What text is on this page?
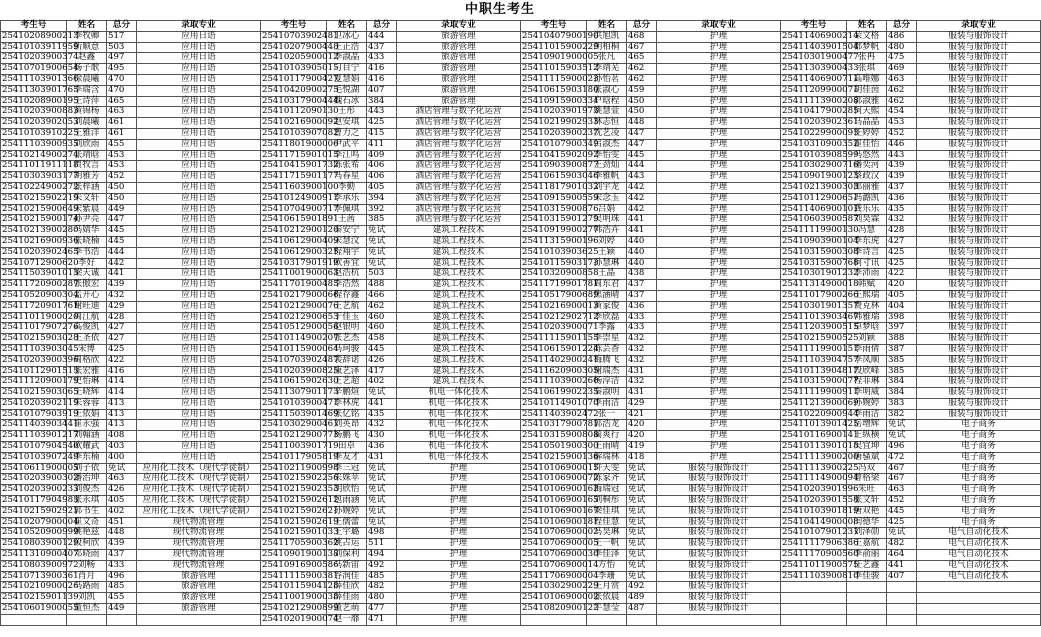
中职生考生
考生号	姓名	总分	录取专业	考生号	姓名	总分	录取专业	考生号	姓名	总分	录取专业	考生号	姓名	总分	录取专业
25410208900213	李牧卿	517	应用日语	25410703902481	卫冰心	444	旅游管理	25410407900190	洪旭凯	468	护理	25411406900214	荣文格	486	服装与服饰设计
25410103911959	靳顺意	503	应用日语	25410207900448	王正浩	437	旅游管理	25411015900229	胡相桐	467	护理	25411403901504	都梦帆	480	服装与服饰设计
25410203900374	赵鑫	497	应用日语	25410205900012	李淑晶	433	旅游管理	25410901900005	张凡	465	护理	25410301900477	张冉	475	服装与服饰设计
25410701900654	杨子歌	495	应用日语	25410103905015	刁目宁	416	旅游管理	25411015903512	李靖芜	462	护理	25411303900433	张琪	469	服装与服饰设计
25411103901366	徐晨曦	470	应用日语	25410117900427	夏慧娟	416	旅游管理	25411115900023	孙怡茗	462	护理	25411406900711	高唯娜	463	服装与服饰设计
25411303901765	李瑞含	470	应用日语	25410420900275	毛悦湖	407	旅游管理	25410615903180	张淑心	459	护理	25411209900071	胡佳茵	462	服装与服饰设计
25410208900195	王诗萍	465	应用日语	25410317900444	魏石冰	384	旅游管理	25410915900334	户晗程	450	护理	25411113900208	郭淑雅	462	服装与服饰设计
25410203900883	黄锦杨	463	应用日语	25410112090130	王彤	443	酒店管理与数字化运营	25410203901973	姚慧萱	450	护理	25410417900285	何天熙	454	服装与服饰设计
25410203902053	刘晨曦	461	应用日语	25410216900092	赵安琪	425	酒店管理与数字化运营	25410219902933	林志恒	448	护理	25410203902361	马晶晶	453	服装与服饰设计
25410103910225	王雅洋	461	应用日语	25410103907082	曹力之	415	酒店管理与数字化运营	25410203900237	沈艺凌	447	护理	25410229900093	任婷婷	452	服装与服饰设计
25411103900935	刘欣雨	455	应用日语	25411801900006	尹武平	411	酒店管理与数字化运营	25410107900349	吕淑杰	447	护理	25410310900352	崔佳怡	446	服装与服饰设计
25410214900274	张靖晗	453	应用日语	25411715901015	李江鸣	409	酒店管理与数字化运营	25410415902092	李怡雯	445	护理	25410103908599	马悠然	443	服装与服饰设计
25411011911118	贾牧言	453	应用日语	25410415901732	陈张希	406	酒店管理与数字化运营	25410903900877	王劲灿	444	护理	25410302900716	潘奕河	439	服装与服饰设计
25410303903177	胡雅芳	452	应用日语	25411715901177	马春星	406	酒店管理与数字化运营	25410615903046	李雅帆	443	护理	25410901900123	蔡政汉	439	服装与服饰设计
25410224900272	张梓涵	450	应用日语	25411603900100	李勤	405	酒店管理与数字化运营	25411817901032	刘宇龙	442	护理	25410213900303	郎丽雅	437	服装与服饰设计
25410215902219	朱文轩	450	应用日语	25410124900911	李承乐	394	酒店管理与数字化运营	25410915900559	宋念玉	442	护理	25410112900651	冯潞凯	436	服装与服饰设计
25410215900649	宋紫晨	449	应用日语	25410704900717	李佩琪	392	酒店管理与数字化运营	25410315900876	吕娟	442	护理	25411406900101	龚乐乐	435	服装与服饰设计
25410215900174	孙尹亮	447	应用日语	25410615901891	王茜	385	酒店管理与数字化运营	25410315901279	吴明珠	441	护理	25410603900587	刘昊霖	432	服装与服饰设计
25410213900280	马婧华	445	应用日语	25410212900120	秦安宁	免试	建筑工程技术	25410919900277	韩浩卉	441	护理	25411119900130	冯慧	428	服装与服饰设计
25410216900936	张晓楠	445	应用日语	25410612900409	宋慧汶	免试	建筑工程技术	25411315900196	刘婷	440	护理	25410903900104	李东虎	427	服装与服饰设计
25410203902465	李书浩	444	应用日语	25410612900325	程翔宇	免试	建筑工程技术	25410103903625	王颖	440	护理	25410315900308	李诗言	425	服装与服饰设计
25410712900620	李好	442	应用日语	25410317901919	欧善宜	免试	建筑工程技术	25410115903173	孙慧琳	440	护理	25410315900768	何寸讯	425	服装与服饰设计
25411503901013	梁天诚	441	应用日语	25411001900063	赵浩杭	503	建筑工程技术	25410320900858	王晶	438	护理	25410301901232	李沛雨	422	服装与服饰设计
25411720900287	张傲宏	439	应用日语	25411701900485	李浩然	488	建筑工程技术	25411719901781	周东君	437	护理	25411314900018	韩赋	420	服装与服饰设计
25410520900304	孟开心	432	应用日语	25410217900066	程存鑫	466	建筑工程技术	25410517900689	焦涵晴	437	护理	25411017900266	王熙瑞	405	服装与服饰设计
25411720901761	谢旺迪	429	应用日语	25410212900076	王艺航	462	建筑工程技术	25410216900013	黄家俊	436	护理	25410301901357	费克林	404	服装与服饰设计
25411011900020	周江航	428	应用日语	25410212900653	于佳玉	460	建筑工程技术	25410212902712	李欣磊	433	护理	25411013903467	韩雅瑞	398	服装与服饰设计
25411017907276	高俊凯	427	应用日语	25410512900056	赵银明	460	建筑工程技术	25410203900071	李露	433	护理	25411203900515	卓梦晗	397	服装与服饰设计
25410215903028	王圣依	427	应用日语	25410114900207	张艺杰	458	建筑工程技术	25411115901155	李崇星	432	护理	25410215900525	刘颖	388	服装与服饰设计
25411103903045	宋博	425	应用日语	25410115900064	马珂骏	445	建筑工程技术	25410615901224	陈芸香	432	护理	25411119900151	李雨倩	387	服装与服饰设计
25410203900396	周格欣	422	应用日语	25410703902487	裴辞诺	426	建筑工程技术	25411402900241	梅腾飞	432	护理	25411103904757	李凤顺	385	服装与服饰设计
25410112901513	张宏雅	416	应用日语	25410203900825	康艺泽	417	建筑工程技术	25411620900305	谢瑞杰	431	护理	25410113904817	段欣峰	385	服装与服饰设计
25411120900179	史怡琳	414	应用日语	25410615902630	王艺超	402	建筑工程技术	25411103900260	杨淳洁	432	护理	25410315900077	程菲琳	384	服装与服饰设计
25410215903065	王晓辉	414	应用日语	25411307901173	辛鹏煊	免试	机电一体化技术	25410619902235	秦淑明	431	护理	25411119900911	李明威	384	服装与服饰设计
25410203902119	朱蓉蓉	413	应用日语	25410103900471	李林虎	441	机电一体化技术	25410114901070	李雨洁	429	护理	25411213900069	孙婉婷	383	服装与服饰设计
25410107903919	王依娟	413	应用日语	25411503901469	张亿铭	435	机电一体化技术	25411403902472	张一	421	护理	25410220900944	李雨洁	382	服装与服饰设计
25411403903441	崔永强	413	应用日语	25410302900461	刘英昂	432	机电一体化技术	25410317900781	郭浩龙	420	护理	25411013901425	岳增辉	免试	电子商务
25411103901217	刘翰涵	408	应用日语	25410212900773	杨鹏飞	430	机电一体化技术	25410315900808	蔺爽行	420	护理	25410116900141	王纵横	免试	电子商务
25410107904540	欧耀武	403	应用日语	25411003901719	田卓	436	机电一体化技术	25410501900300	王雨晴	419	护理	25410113901018	吴宜坤	496	电子商务
25410103907249	李东楠	400	应用日语	25410117905819	李友才	431	机电一体化技术	25410215900136	解瑞林	418	护理	25411113900200	唐骚斌	472	电子商务
25410611900005	刘子依	免试	应用化工技术（现代学徒制）	25410211900998	李三冠	免试	护理	25410106900015	许天雯	免试	服装与服饰设计	25411113900225	冯双	467	电子商务
25410203900302	潘治坤	463	应用化工技术（现代学徒制）	25410215902256	朱姝苹	免试	护理	25410106900072	陈家齐	免试	服装与服饰设计	25411114900094	曾格梁	467	电子商务
25410203900233	刘俊杰	426	应用化工技术（现代学徒制）	25410215902353	胡欣怡	免试	护理	25410106900162	梅瑞冠	免试	服装与服饰设计	25410203901996	朱旺	463	电子商务
25410117904983	张永琪	405	应用化工技术（现代学徒制）	25410215902612	包雨涵	免试	护理	25410106900165	刘桐彤	免试	服装与服饰设计	25410203901558	张文轩	452	电子商务
25410215902921	郭书生	402	应用化工技术（现代学徒制）	25410215902621	孙婉婷	免试	护理	25410106900167	梁佳琪	免试	服装与服饰设计	25410103901819	唐双艳	445	电子商务
25410207900004	崔文奇	451	现代物流管理	25410215902619	王儒蕾	免试	护理	25410106900181	程佳慧	免试	服装与服饰设计	25410414900008	闫德华	425	电子商务
25410520900999	姚艳兹	448	现代物流管理	25410215901033	王宇璐	498	护理	25410706900002	马昊琳	免试	服装与服饰设计	25410107901231	刘泽勋	免试	电气自动化技术
25410803900129	段柯欣	439	现代物流管理	25411705900362	姚占运	511	护理	25410706900005	王一帆	免试	服装与服饰设计	25411117906386	王嘉航	482	电气自动化技术
25411310900407	邓晓雨	437	现代物流管理	25410901900138	刘保利	494	护理	25410706900030	李佳泽	免试	服装与服饰设计	25411170900560	李俞丽	464	电气自动化技术
25410803900972	刘畅	433	现代物流管理	25410916900586	马新宙	492	护理	25410706900014	方怡	免试	服装与服饰设计	25411011900575	任艺鑫	441	电气自动化技术
25410713900361	肖月	496	旅游管理	25411115900381	谷润佳	485	护理	25411706900004	李珊	免试	服装与服饰设计	25411103900810	李佳骏	407	电气自动化技术
25410210900026	马路雨	485	旅游管理	25410115904128	薛佳欣	482	护理	25410302900229	王月赏	492	服装与服饰设计				
25410215901139	刘凯	455	旅游管理	25411001900038	薛佳雨	480	护理	25410106900002	张依晨	489	服装与服饰设计				
25410601900055	董恒杰	449	旅游管理	25410212900899	董艺萌	477	护理	25410820900122	牛慧莹	487	服装与服饰设计				
				25410201900074	赵一靡	471	护理								
